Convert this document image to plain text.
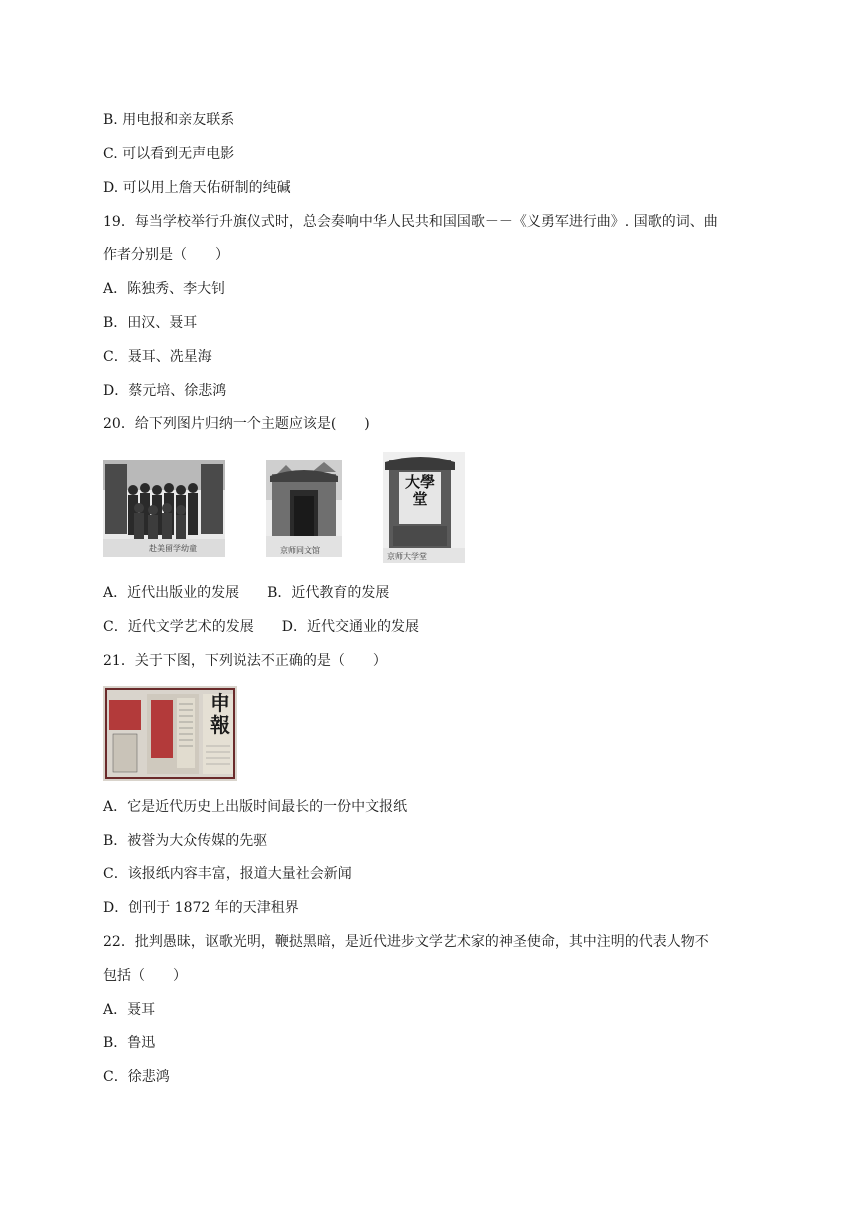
B. 用电报和亲友联系
C. 可以看到无声电影
D. 可以用上詹天佑研制的纯碱
19．每当学校举行升旗仪式时，总会奏响中华人民共和国国歌－－《义勇军进行曲》. 国歌的词、曲
作者分别是（　　）
A．陈独秀、李大钊
B．田汉、聂耳
C．聂耳、冼星海
D．蔡元培、徐悲鸿
20．给下列图片归纳一个主题应该是(　　)
赴美留学幼童	京师同文馆
大學堂
京师大学堂
A．近代出版业的发展 B．近代教育的发展
C．近代文学艺术的发展 D．近代交通业的发展
21．关于下图，下列说法不正确的是（　　）
申報
A．它是近代历史上出版时间最长的一份中文报纸
B．被誉为大众传媒的先驱
C．该报纸内容丰富，报道大量社会新闻
D．创刊于 1872 年的天津租界
22．批判愚昧，讴歌光明，鞭挞黑暗，是近代进步文学艺术家的神圣使命，其中注明的代表人物不
包括（　　）
A．聂耳
B．鲁迅
C．徐悲鸿
